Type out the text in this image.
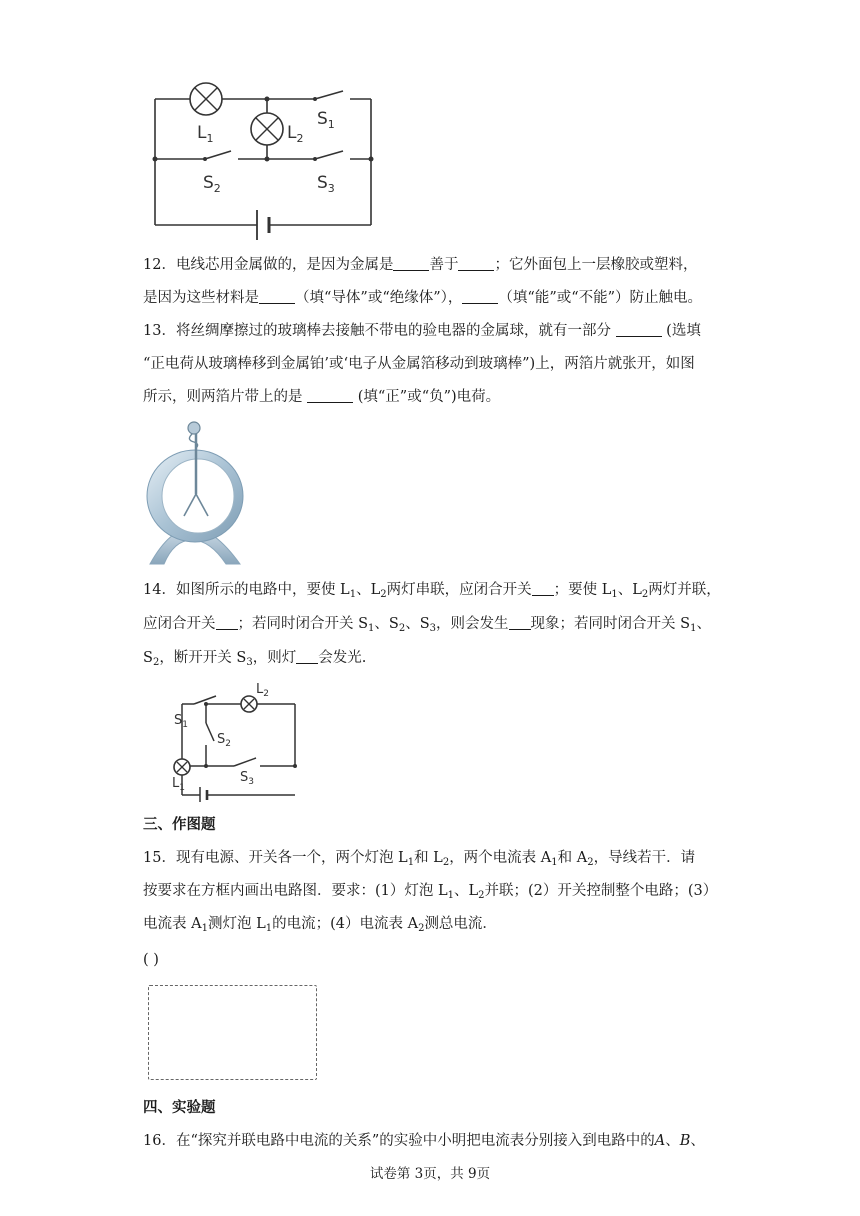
$L_1$	$L_2$
$S_1$
$S_2$	$S_3$
12．电线芯用金属做的，是因为金属是 善于 ；它外面包上一层橡胶或塑料，
是因为这些材料是 （填“导体”或“绝缘体”）， （填“能”或“不能”）防止触电。
13．将丝绸摩擦过的玻璃棒去接触不带电的验电器的金属球，就有一部分	(选填
“正电荷从玻璃棒移到金属铂’或‘电子从金属箔移动到玻璃棒”)上，两箔片就张开，如图
所示，则两箔片带上的是	(填“正”或“负”)电荷。
14．如图所示的电路中，要使 $L_1$、$L_2$两灯串联，应闭合开关 ；要使 $L_1$、$L_2$两灯并联，
应闭合开关 ；若同时闭合开关 $S_1$、$S_2$、$S_3$，则会发生 现象；若同时闭合开关 $S_1$、
$S_2$，断开开关 $S_3$，则灯 会发光.
$L_2$
$S_1$
$S_2$
$S_3$
$L_1$
三、作图题
15．现有电源、开关各一个，两个灯泡 $L_1$和 $L_2$，两个电流表 $A_1$和 $A_2$，导线若干．请
按要求在方框内画出电路图．要求：(1）灯泡 $L_1$、$L_2$并联；(2）开关控制整个电路；(3）
电流表 $A_1$测灯泡 $L_1$的电流；(4）电流表 $A_2$测总电流．
( )
四、实验题
16．在“探究并联电路中电流的关系”的实验中小明把电流表分别接入到电路中的A、B、
试卷第 3页，共 9页
